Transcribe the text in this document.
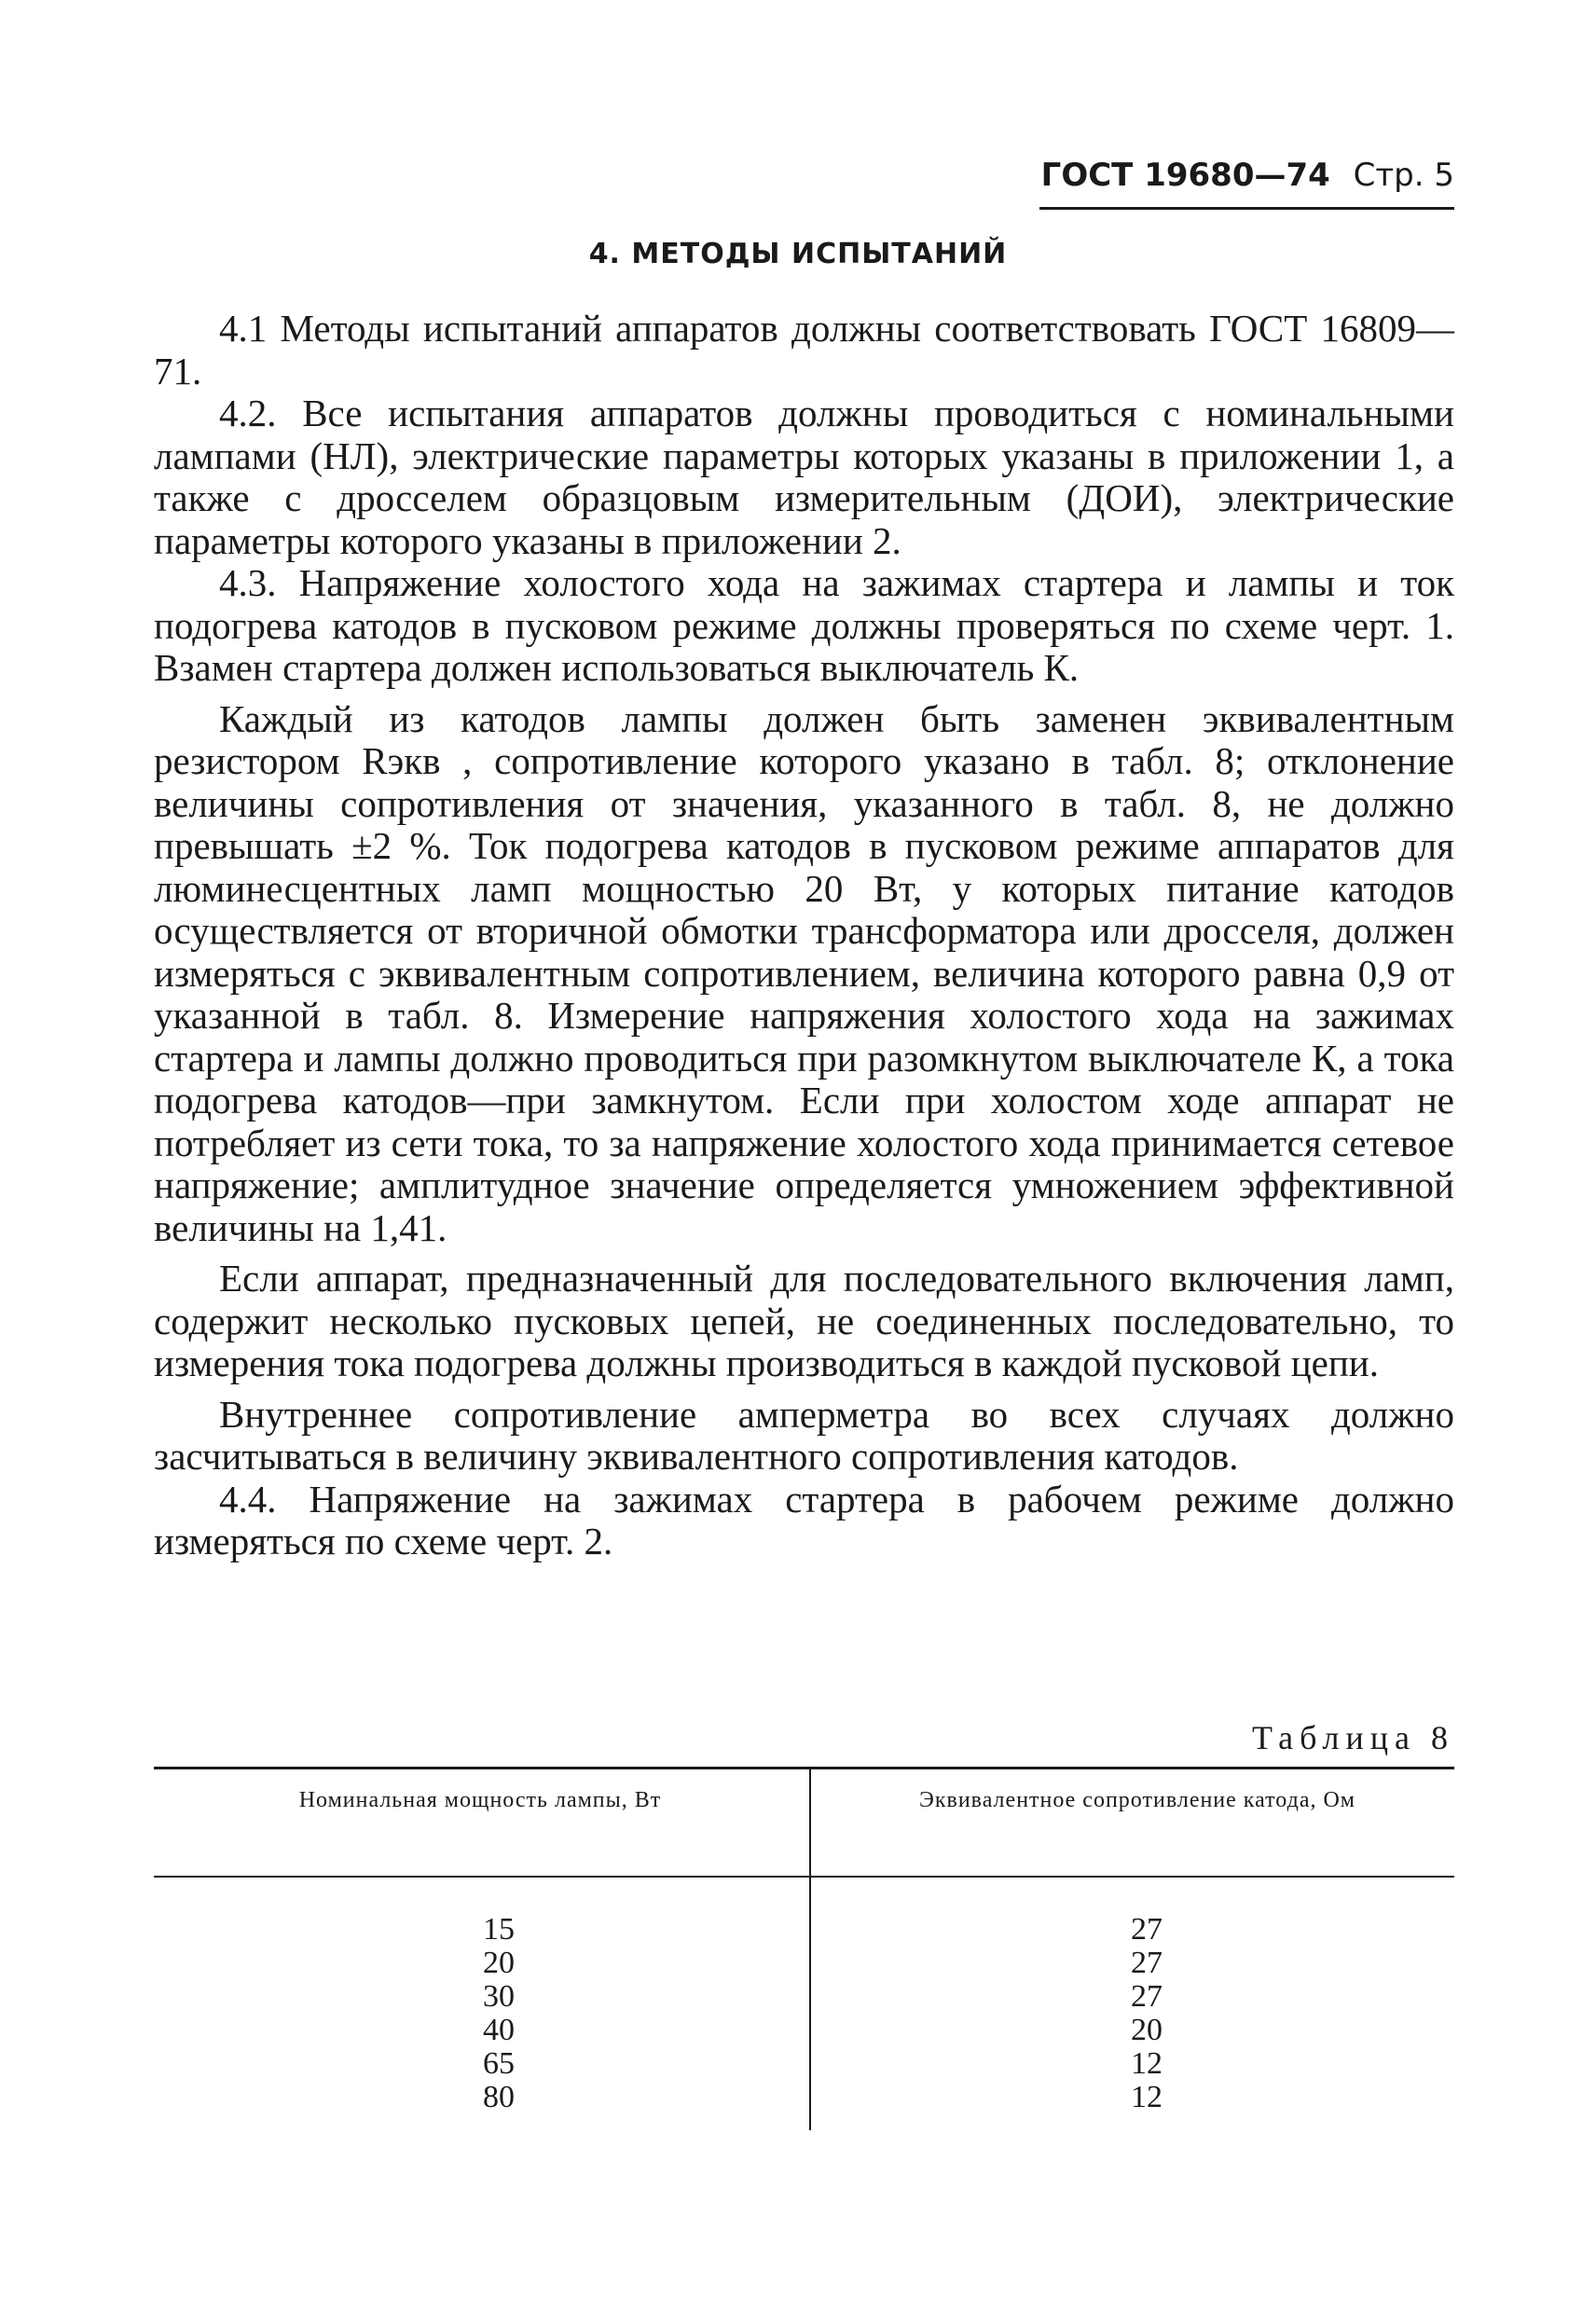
ГОСТ 19680—74 Стр. 5
4. МЕТОДЫ ИСПЫТАНИЙ

4.1 Методы испытаний аппаратов должны соответствовать ГОСТ 16809—71.

4.2. Все испытания аппаратов должны проводиться с номинальными лампами (НЛ), электрические параметры которых указаны в приложении 1, а также с дросселем образцовым измерительным (ДОИ), электрические параметры которого указаны в приложении 2.

4.3. Напряжение холостого хода на зажимах стартера и лампы и ток подогрева катодов в пусковом режиме должны проверяться по схеме черт. 1. Взамен стартера должен использоваться выключатель К.

Каждый из катодов лампы должен быть заменен эквивалентным резистором Rэкв , сопротивление которого указано в табл. 8; отклонение величины сопротивления от значения, указанного в табл. 8, не должно превышать ±2 %. Ток подогрева катодов в пусковом режиме аппаратов для люминесцентных ламп мощностью 20 Вт, у которых питание катодов осуществляется от вторичной обмотки трансформатора или дросселя, должен измеряться с эквивалентным сопротивлением, величина которого равна 0,9 от указанной в табл. 8. Измерение напряжения холостого хода на зажимах стартера и лампы должно проводиться при разомкнутом выключателе К, а тока подогрева катодов—при замкнутом. Если при холостом ходе аппарат не потребляет из сети тока, то за напряжение холостого хода принимается сетевое напряжение; амплитудное значение определяется умножением эффективной величины на 1,41.

Если аппарат, предназначенный для последовательного включения ламп, содержит несколько пусковых цепей, не соединенных последовательно, то измерения тока подогрева должны производиться в каждой пусковой цепи.

Внутреннее сопротивление амперметра во всех случаях должно засчитываться в величину эквивалентного сопротивления катодов.

4.4. Напряжение на зажимах стартера в рабочем режиме должно измеряться по схеме черт. 2.

Таблица 8
Номинальная мощность лампы, Вт	Эквивалентное сопротивление катода, Ом
15
20
30
40
65
80
27
27
27
20
12
12
